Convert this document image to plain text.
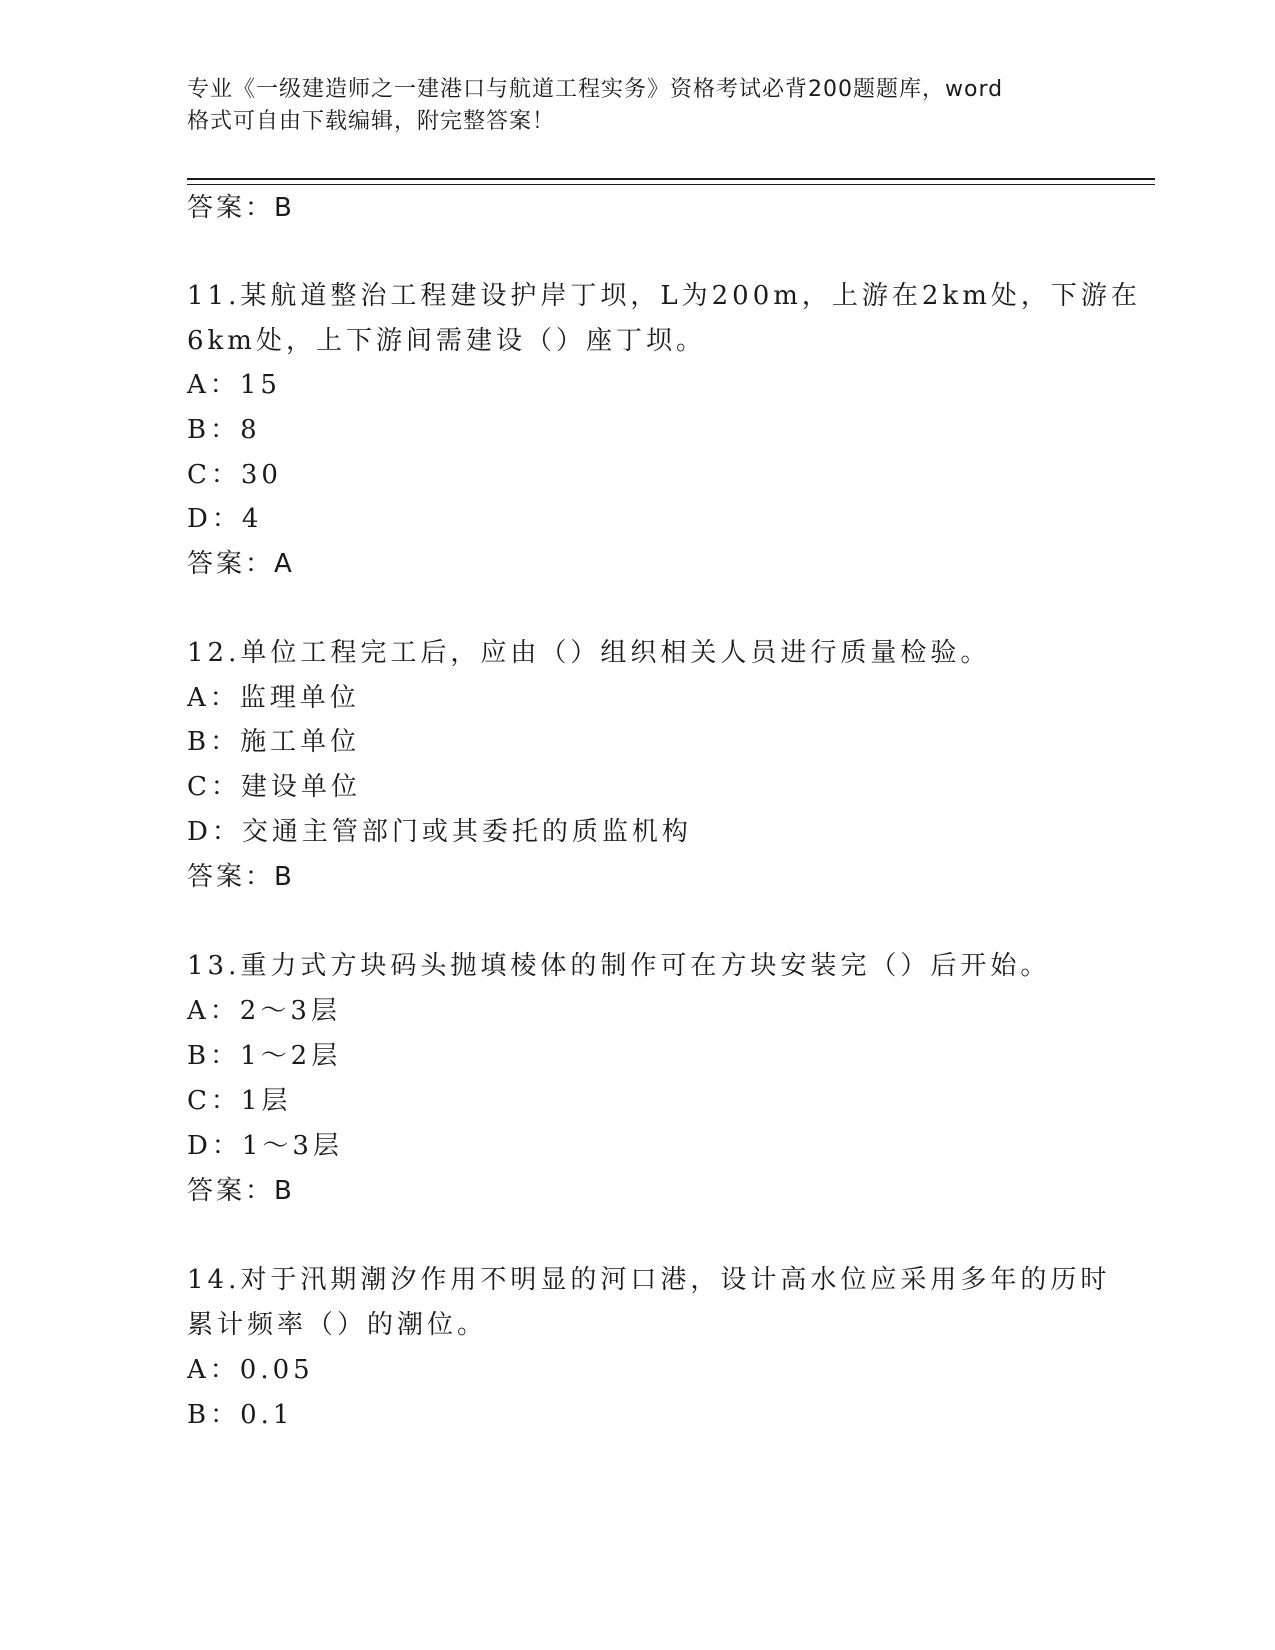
专业《一级建造师之一建港口与航道工程实务》资格考试必背200题题库，word
格式可自由下载编辑，附完整答案！
答案：B
11.某航道整治工程建设护岸丁坝，L为200m，上游在2km处，下游在
6km处，上下游间需建设（）座丁坝。
A：15
B：8
C：30
D：4
答案：A
12.单位工程完工后，应由（）组织相关人员进行质量检验。
A：监理单位
B：施工单位
C：建设单位
D：交通主管部门或其委托的质监机构
答案：B
13.重力式方块码头抛填棱体的制作可在方块安装完（）后开始。
A：2～3层
B：1～2层
C：1层
D：1～3层
答案：B
14.对于汛期潮汐作用不明显的河口港，设计高水位应采用多年的历时
累计频率（）的潮位。
A：0.05
B：0.1
